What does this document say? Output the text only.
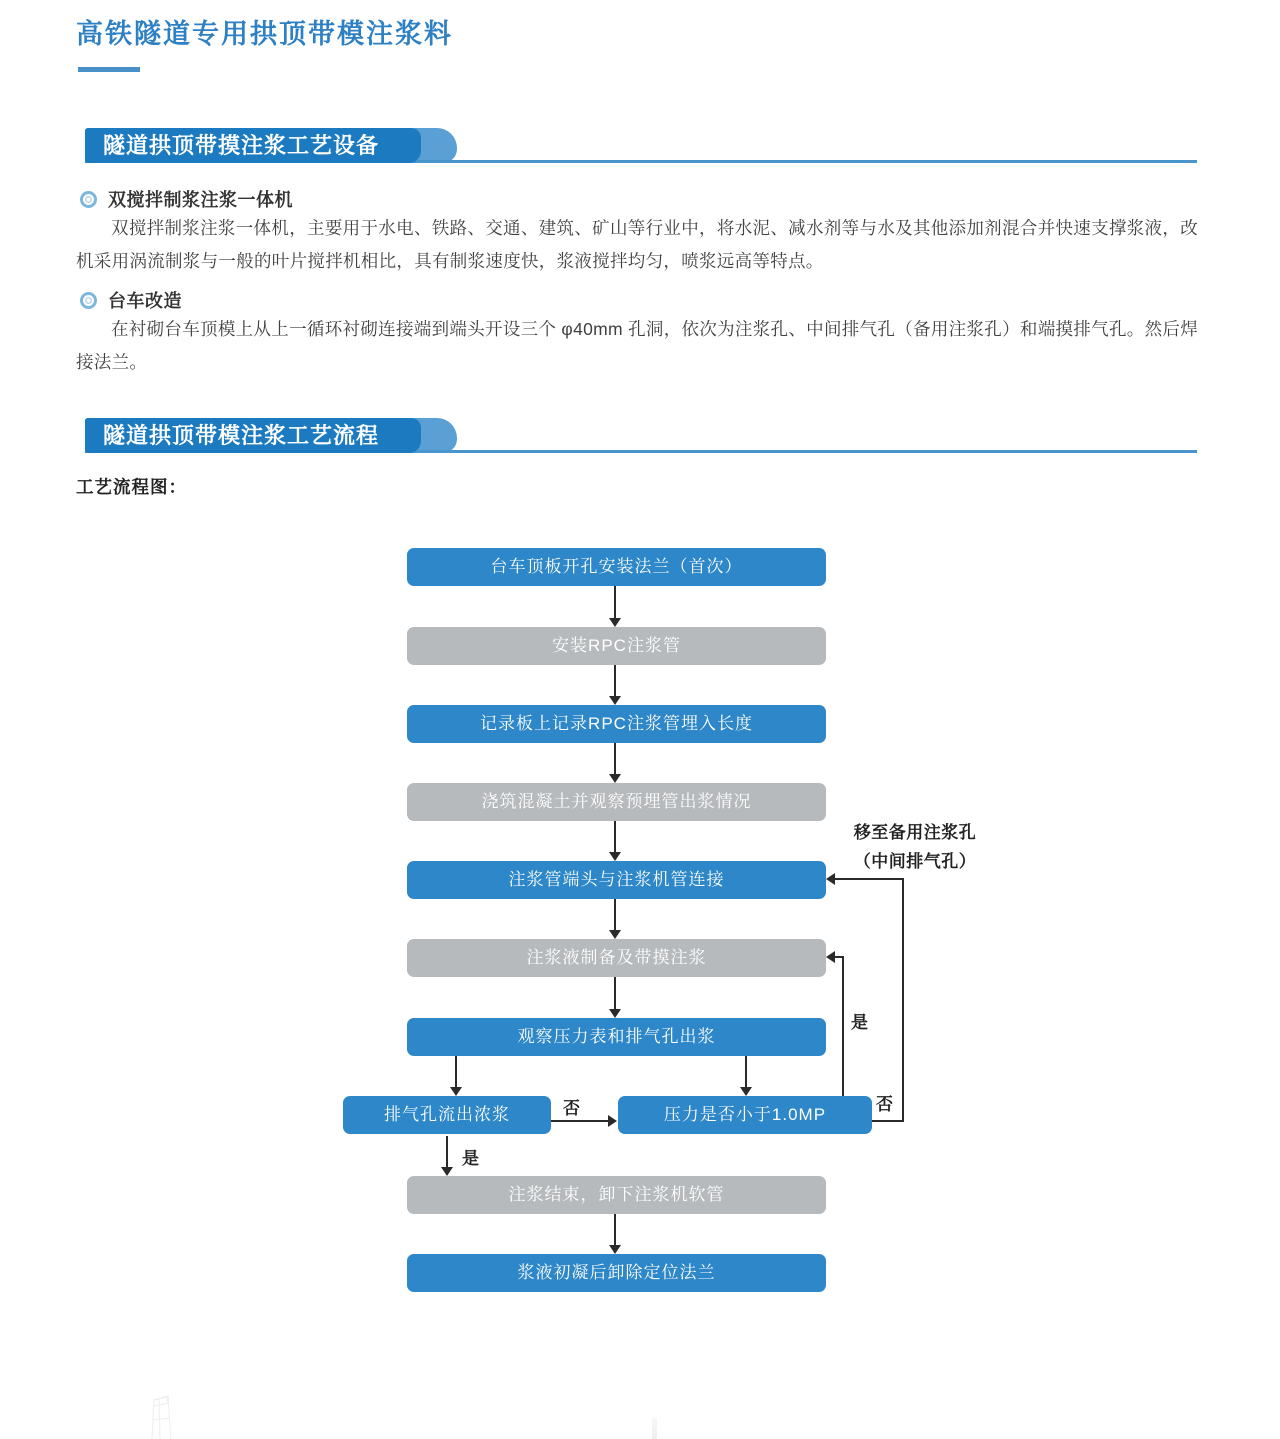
高铁隧道专用拱顶带模注浆料
隧道拱顶带摸注浆工艺设备
双搅拌制浆注浆一体机
双搅拌制浆注浆一体机，主要用于水电、铁路、交通、建筑、矿山等行业中，将水泥、减水剂等与水及其他添加剂混合并快速支撑浆液，改机采用涡流制浆与一般的叶片搅拌机相比，具有制浆速度快，浆液搅拌均匀，喷浆远高等特点。
台车改造
在衬砌台车顶模上从上一循环衬砌连接端到端头开设三个 φ40mm 孔洞，依次为注浆孔、中间排气孔（备用注浆孔）和端摸排气孔。然后焊接法兰。
隧道拱顶带模注浆工艺流程
工艺流程图：
台车顶板开孔安装法兰（首次）
安装RPC注浆管
记录板上记录RPC注浆管埋入长度
浇筑混凝土并观察预埋管出浆情况
注浆管端头与注浆机管连接
注浆液制备及带摸注浆
观察压力表和排气孔出浆
排气孔流出浓浆	压力是否小于1.0MP
注浆结束，卸下注浆机软管
浆液初凝后卸除定位法兰
否
是
是
否
移至备用注浆孔
（中间排气孔）
